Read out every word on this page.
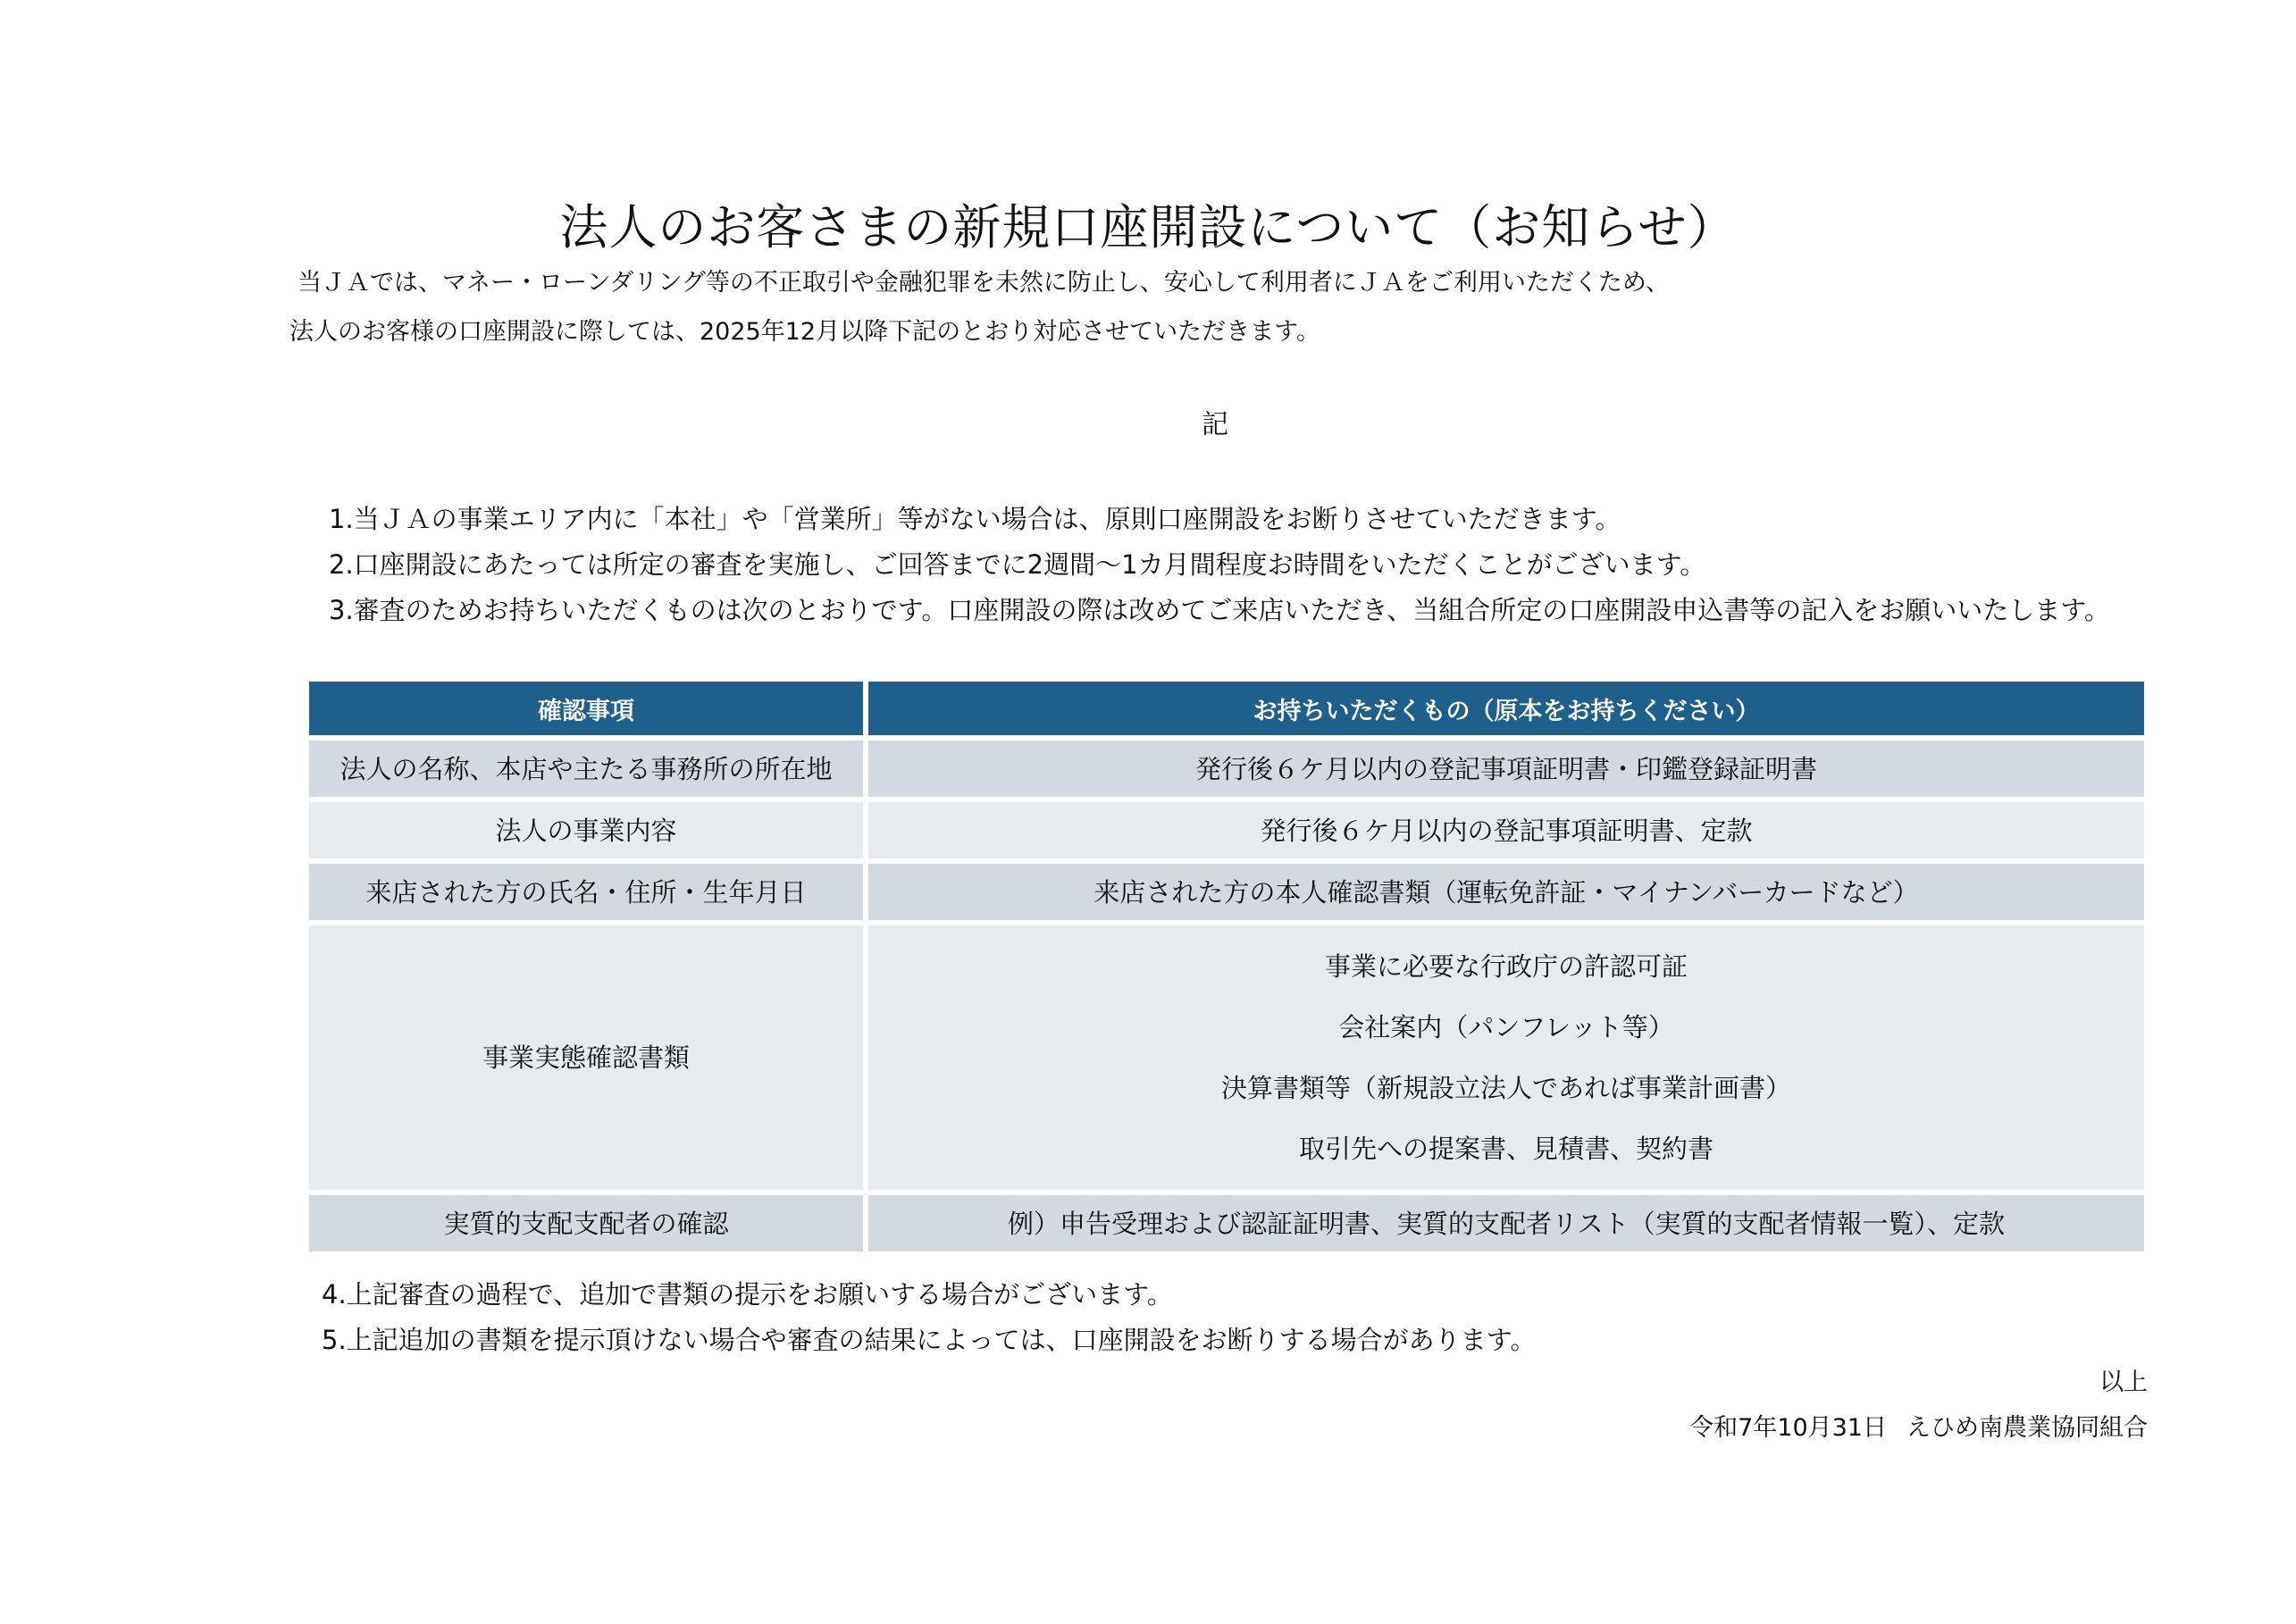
法人のお客さまの新規口座開設について（お知らせ）
当ＪＡでは、マネー・ローンダリング等の不正取引や金融犯罪を未然に防止し、安心して利用者にＪＡをご利用いただくため、
法人のお客様の口座開設に際しては、2025年12月以降下記のとおり対応させていただきます。
記
1.当ＪＡの事業エリア内に「本社」や「営業所」等がない場合は、原則口座開設をお断りさせていただきます。
2.口座開設にあたっては所定の審査を実施し、ご回答までに2週間～1カ月間程度お時間をいただくことがございます。
3.審査のためお持ちいただくものは次のとおりです。口座開設の際は改めてご来店いただき、当組合所定の口座開設申込書等の記入をお願いいたします。
確認事項	お持ちいただくもの（原本をお持ちください）
法人の名称、本店や主たる事務所の所在地	発行後６ケ月以内の登記事項証明書・印鑑登録証明書
法人の事業内容	発行後６ケ月以内の登記事項証明書、定款
来店された方の氏名・住所・生年月日	来店された方の本人確認書類（運転免許証・マイナンバーカードなど）
事業実態確認書類	事業に必要な行政庁の許認可証
会社案内（パンフレット等）
決算書類等（新規設立法人であれば事業計画書）
取引先への提案書、見積書、契約書

実質的支配支配者の確認	例）申告受理および認証証明書、実質的支配者リスト（実質的支配者情報一覧）、定款
4.上記審査の過程で、追加で書類の提示をお願いする場合がございます。
5.上記追加の書類を提示頂けない場合や審査の結果によっては、口座開設をお断りする場合があります。
以上
令和7年10月31日 えひめ南農業協同組合
